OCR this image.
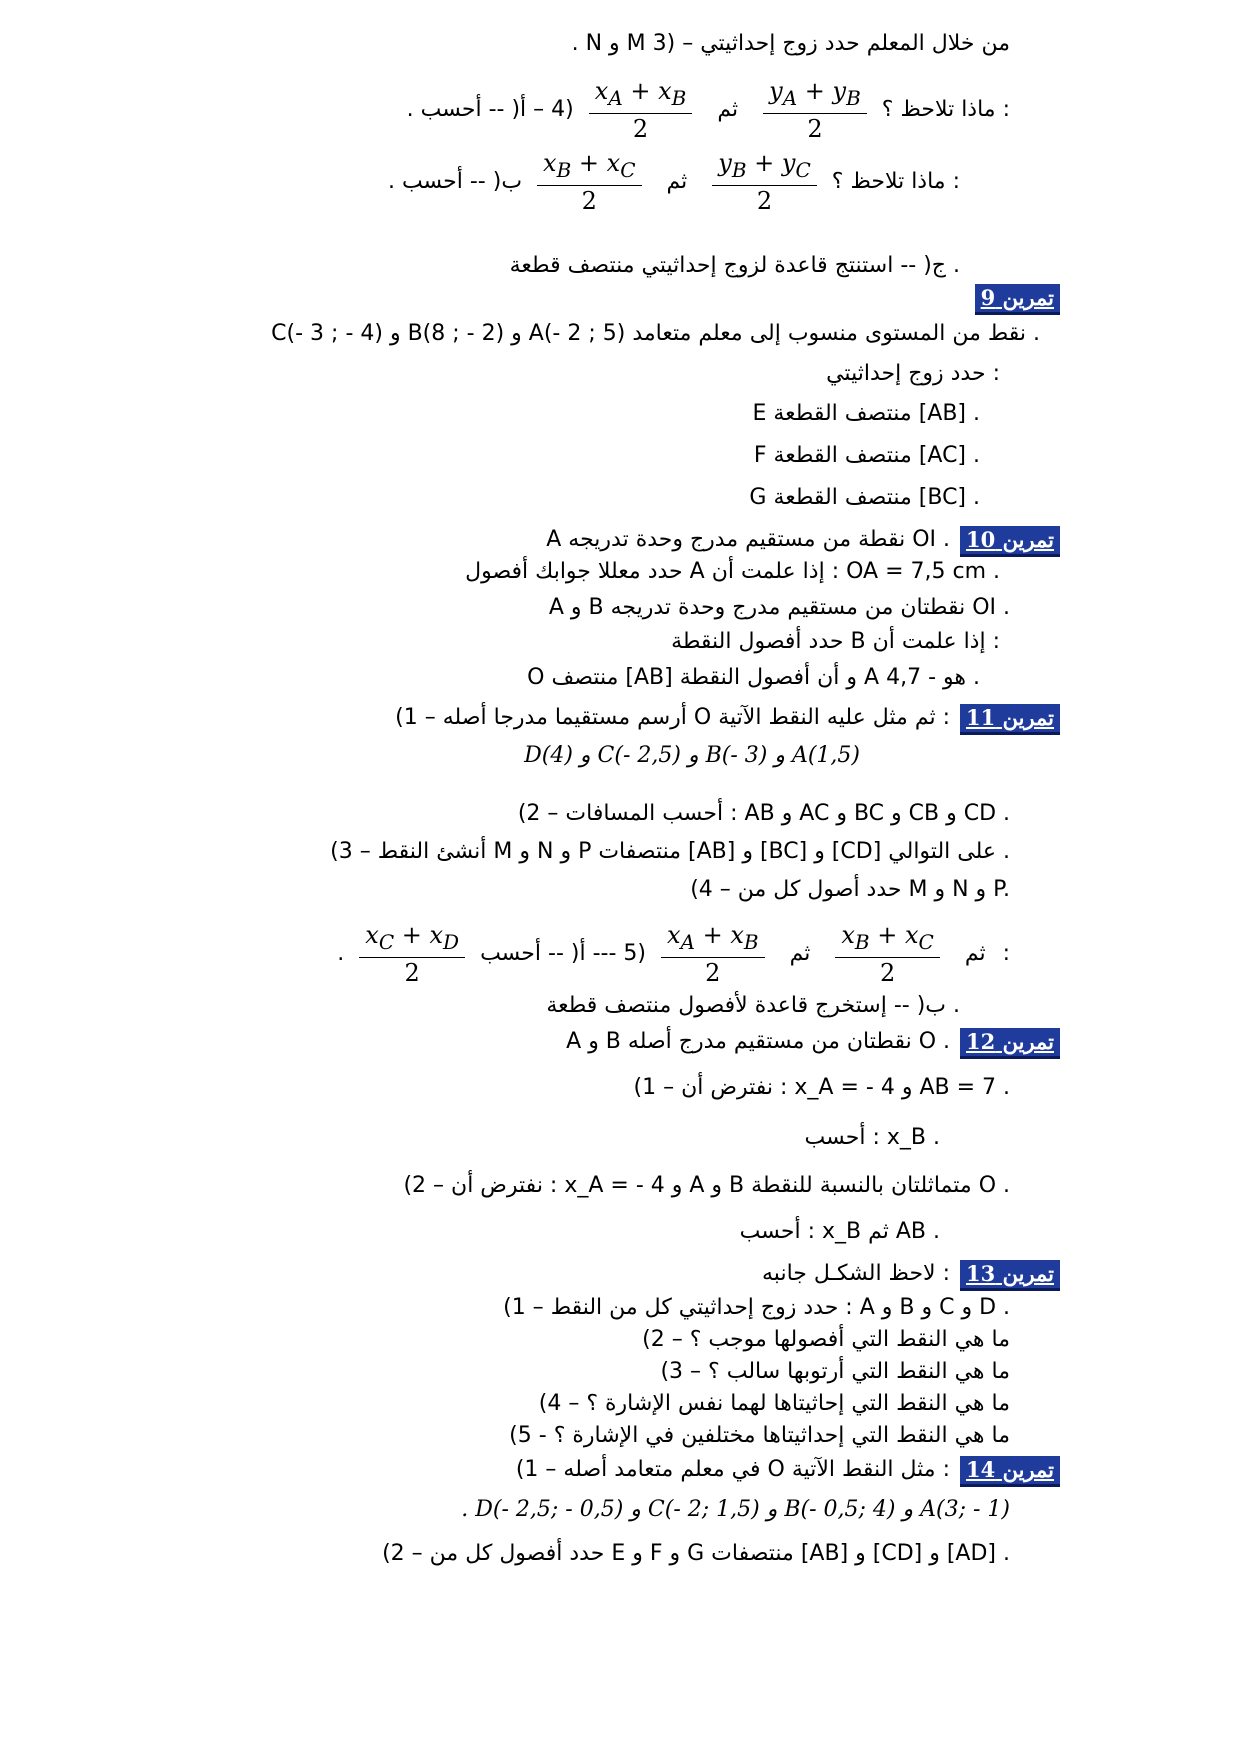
. N و M من خلال المعلم حدد زوج إحداثيتي – (3
. ماذا تلاحظ ؟
$\frac{y_A + y_B}{2}$
ثم
$\frac{x_A + x_B}{2}$
(4 – أ( -- أحسب :
. ماذا تلاحظ ؟
$\frac{y_B + y_C}{2}$
ثم
$\frac{x_B + x_C}{2}$
ب( -- أحسب :
ج( -- استنتج قاعدة لزوج إحداثيتي منتصف قطعة .
تمرين 9
C(- 3 ; - 4) و B(8 ; - 2) و A(- 2 ; 5) نقط من المستوى منسوب إلى معلم متعامد .
حدد زوج إحداثيتي :
E منتصف القطعة [AB] .
F منتصف القطعة [AC] .
G منتصف القطعة [BC] .
تمرين 10
A نقطة من مستقيم مدرج وحدة تدريجه OI .
حدد معللا جوابك أفصول A إذا علمت أن : OA = 7,5 cm .
A و B نقطتان من مستقيم مدرج وحدة تدريجه OI .
حدد أفصول النقطة B إذا علمت أن :
O منتصف [AB] و أن أفصول النقطة A هو - 4,7 .
تمرين 11
(1 – أرسم مستقيما مدرجا أصله O ثم مثل عليه النقط الآتية :
D(4) و C(- 2,5) و B(- 3) و A(1,5)
(2 – أحسب المسافات : AB و AC و BC و CB و CD .
(3 – أنشئ النقط M و N و P منتصفات [AB] و [BC] و [CD] على التوالي .
(4 – حدد أصول كل من M و N و P.
. $\frac{x_C + x_D}{2}$	ثم
$\frac{x_B + x_C}{2}$
ثم
$\frac{x_A + x_B}{2}$
(5 --- أ( -- أحسب :
ب( -- إستخرج قاعدة لأفصول منتصف قطعة .
تمرين 12
A و B نقطتان من مستقيم مدرج أصله O .
(1 – نفترض أن : x_A = - 4 و AB = 7 .
أحسب : x_B .
(2 – نفترض أن : x_A = - 4 و A و B متماثلتان بالنسبة للنقطة O .
أحسب : x_B ثم AB .
تمرين 13
لاحظ الشكـل جانبه :
(1 – حدد زوج إحداثيتي كل من النقط : A و B و C و D .
(2 – ما هي النقط التي أفصولها موجب ؟
(3 – ما هي النقط التي أرتوبها سالب ؟
(4 – ما هي النقط التي إحاثيتاها لهما نفس الإشارة ؟
(5 - ما هي النقط التي إحداثيتاها مختلفين في الإشارة ؟
تمرين 14
(1 – في معلم متعامد أصله O مثل النقط الآتية :
. D(- 2,5; - 0,5) و C(- 2; 1,5) و B(- 0,5; 4) و A(3; - 1)
(2 – حدد أفصول كل من E و F و G منتصفات [AB] و [CD] و [AD] .
